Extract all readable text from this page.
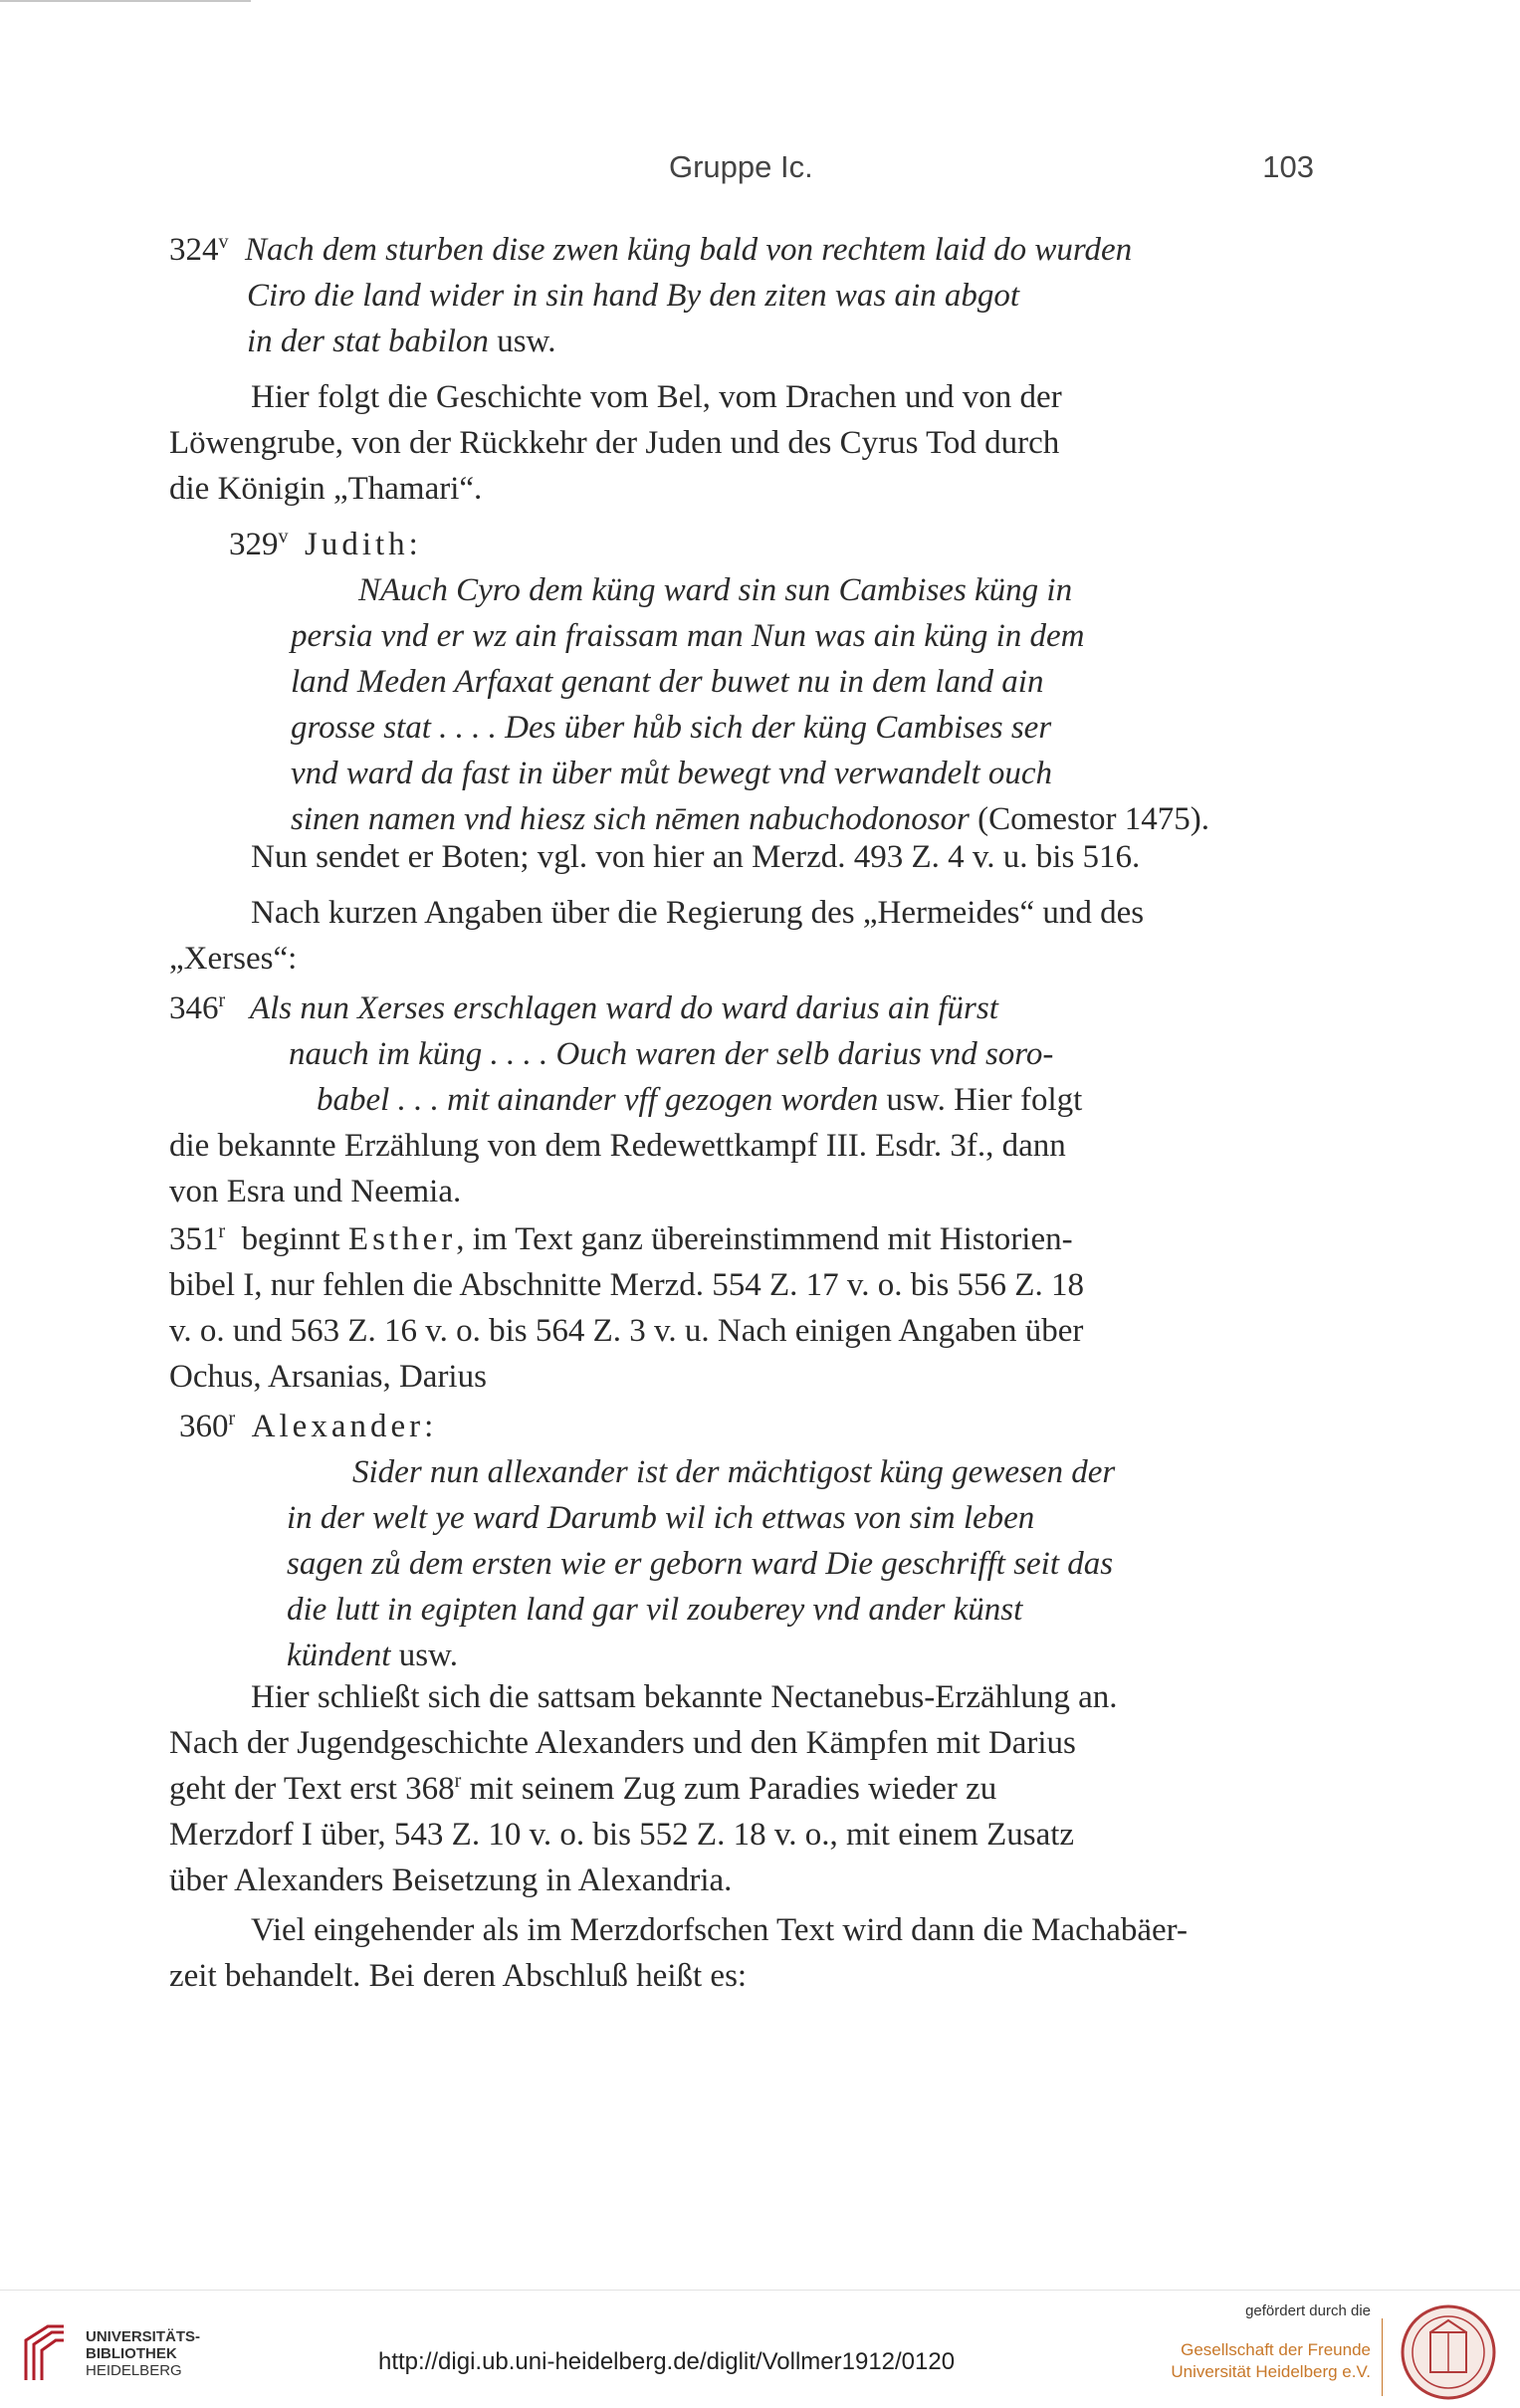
Gruppe Ic.	103

324$^v$ Nach dem sturben dise zwen küng bald von rechtem laid do wurden

Ciro die land wider in sin hand By den ziten was ain abgot

in der stat babilon usw.

Hier folgt die Geschichte vom Bel, vom Drachen und von der

Löwengrube, von der Rückkehr der Juden und des Cyrus Tod durch

die Königin „Thamari“.

329$^v$ Judith:

NAuch Cyro dem küng ward sin sun Cambises küng in

persia vnd er wz ain fraissam man Nun was ain küng in dem

land Meden Arfaxat genant der buwet nu in dem land ain

grosse stat . . . . Des über hůb sich der küng Cambises ser

vnd ward da fast in über můt bewegt vnd verwandelt ouch

sinen namen vnd hiesz sich nēmen nabuchodonosor (Comestor 1475).

Nun sendet er Boten; vgl. von hier an Merzd. 493 Z. 4 v. u. bis 516.

Nach kurzen Angaben über die Regierung des „Hermeides“ und des

„Xerses“:

346$^r$ Als nun Xerses erschlagen ward do ward darius ain fürst

nauch im küng . . . . Ouch waren der selb darius vnd soro-

babel . . . mit ainander vff gezogen worden usw. Hier folgt

die bekannte Erzählung von dem Redewettkampf III. Esdr. 3f., dann

von Esra und Neemia.

351$^r$ beginnt Esther, im Text ganz übereinstimmend mit Historien-

bibel I, nur fehlen die Abschnitte Merzd. 554 Z. 17 v. o. bis 556 Z. 18

v. o. und 563 Z. 16 v. o. bis 564 Z. 3 v. u. Nach einigen Angaben über

Ochus, Arsanias, Darius

360$^r$ Alexander:

Sider nun allexander ist der mächtigost küng gewesen der

in der welt ye ward Darumb wil ich ettwas von sim leben

sagen zů dem ersten wie er geborn ward Die geschrifft seit das

die lutt in egipten land gar vil zouberey vnd ander künst

kündent usw.

Hier schließt sich die sattsam bekannte Nectanebus-Erzählung an.

Nach der Jugendgeschichte Alexanders und den Kämpfen mit Darius

geht der Text erst 368$^r$ mit seinem Zug zum Paradies wieder zu

Merzdorf I über, 543 Z. 10 v. o. bis 552 Z. 18 v. o., mit einem Zusatz

über Alexanders Beisetzung in Alexandria.

Viel eingehender als im Merzdorfschen Text wird dann die Machabäer-

zeit behandelt. Bei deren Abschluß heißt es:

UNIVERSITÄTS-
BIBLIOTHEK
HEIDELBERG	http://digi.ub.uni-heidelberg.de/diglit/Vollmer1912/0120
gefördert durch die
Gesellschaft der Freunde
Universität Heidelberg e.V.
